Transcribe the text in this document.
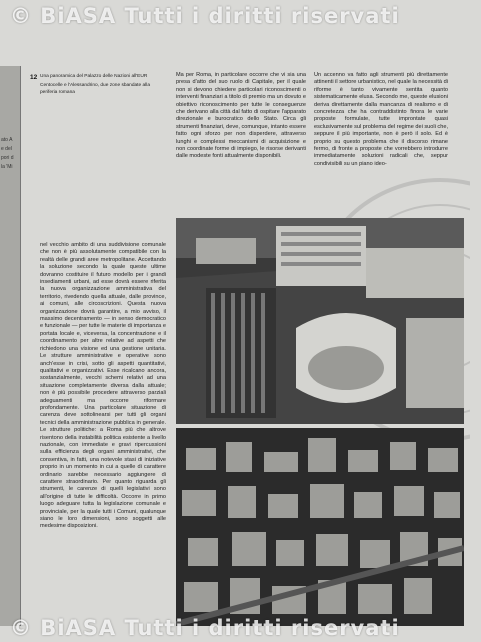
ato A
e del
pori d
la 'Mi
© BiASA Tutti i diritti riservati
12 Una panoramica del Palazzo delle Nazioni all'EUR

Centocelle e l'Alessandrino, due zone sbandate alla periferia romana

Ma per Roma, in particolare occorre che vi sia una presa d'atto del suo ruolo di Capitale, per il quale non si devono chiedere particolari riconoscimenti o interventi finanziari a titolo di premio ma un dovuto e obiettivo riconoscimento per tutte le conseguenze che derivano alla città dal fatto di ospitare l'apparato direzionale e burocratico dello Stato. Circa gli strumenti finanziari, deve, comunque, intanto essere fatto ogni sforzo per non disperdere, attraverso lunghi e complessi meccanismi di acquisizione e non coordinate forme di impiego, le risorse derivanti dalle modeste fonti attualmente disponibili.
Un accenno va fatto agli strumenti più direttamente attinenti il settore urbanistico, nel quale la necessità di riforme è tanto vivamente sentita quanto sistematicamente elusa. Secondo me, queste elusioni deriva direttamente dalla mancanza di realismo e di concretezza che ha contraddistinto finora le varie proposte formulate, tutte improntate quasi esclusivamente sul problema del regime dei suoli che, seppure il più importante, non è però il solo. Ed è proprio su questo problema che il discorso rimane fermo, di fronte a proposte che vorrebbero introdurre immediatamente soluzioni radicali che, seppur condivisibili su un piano ideo-
nel vecchio ambito di una suddivisione comunale che non è più assolutamente compatibile con la realtà delle grandi aree metropolitane. Accettando la soluzione secondo la quale queste ultime dovranno costituire il futuro modello per i grandi insediamenti urbani, ad esse dovrà essere riferita la nuova organizzazione amministrativa del territorio, rivedendo quella attuale, dalle province, ai comuni, alle circoscrizioni. Questa nuova organizzazione dovrà garantire, a mio avviso, il massimo decentramento — in senso democratico e funzionale — per tutte le materie di importanza e portata locale e, viceversa, la concentrazione e il coordinamento per altre relative ad aspetti che richiedono una visione ed una gestione unitaria. Le strutture amministrative e operative sono anch'esse in crisi, sotto gli aspetti quantitativi, qualitativi e organizzativi. Esse ricalcano ancora, sostanzialmente, vecchi schemi relativi ad una situazione completamente diversa dalla attuale; non è più possibile procedere attraverso parziali adeguamenti ma occorre riformare profondamente. Una particolare situazione di carenza deve sottolinearsi per tutti gli organi tecnici della amministrazione pubblica in generale. Le strutture politiche: a Roma più che altrove risentono della instabilità politica esistente a livello nazionale, con immediate e gravi ripercussioni sulla efficienza degli organi amministrativi, che consentiva, in fatti, una notevole stasi di iniziative proprio in un momento in cui a quelle di carattere ordinario sarebbe necessario aggiungere di carattere straordinario. Per quanto riguarda gli strumenti, le carenze di quelli legislativi sono all'origine di tutte le difficoltà. Occorre in primo luogo adeguare tutta la legislazione comunale e provinciale, per la quale tutti i Comuni, qualunque siano le loro dimensioni, sono soggetti alle medesime disposizioni.
© BiASA Tutti i diritti riservati
